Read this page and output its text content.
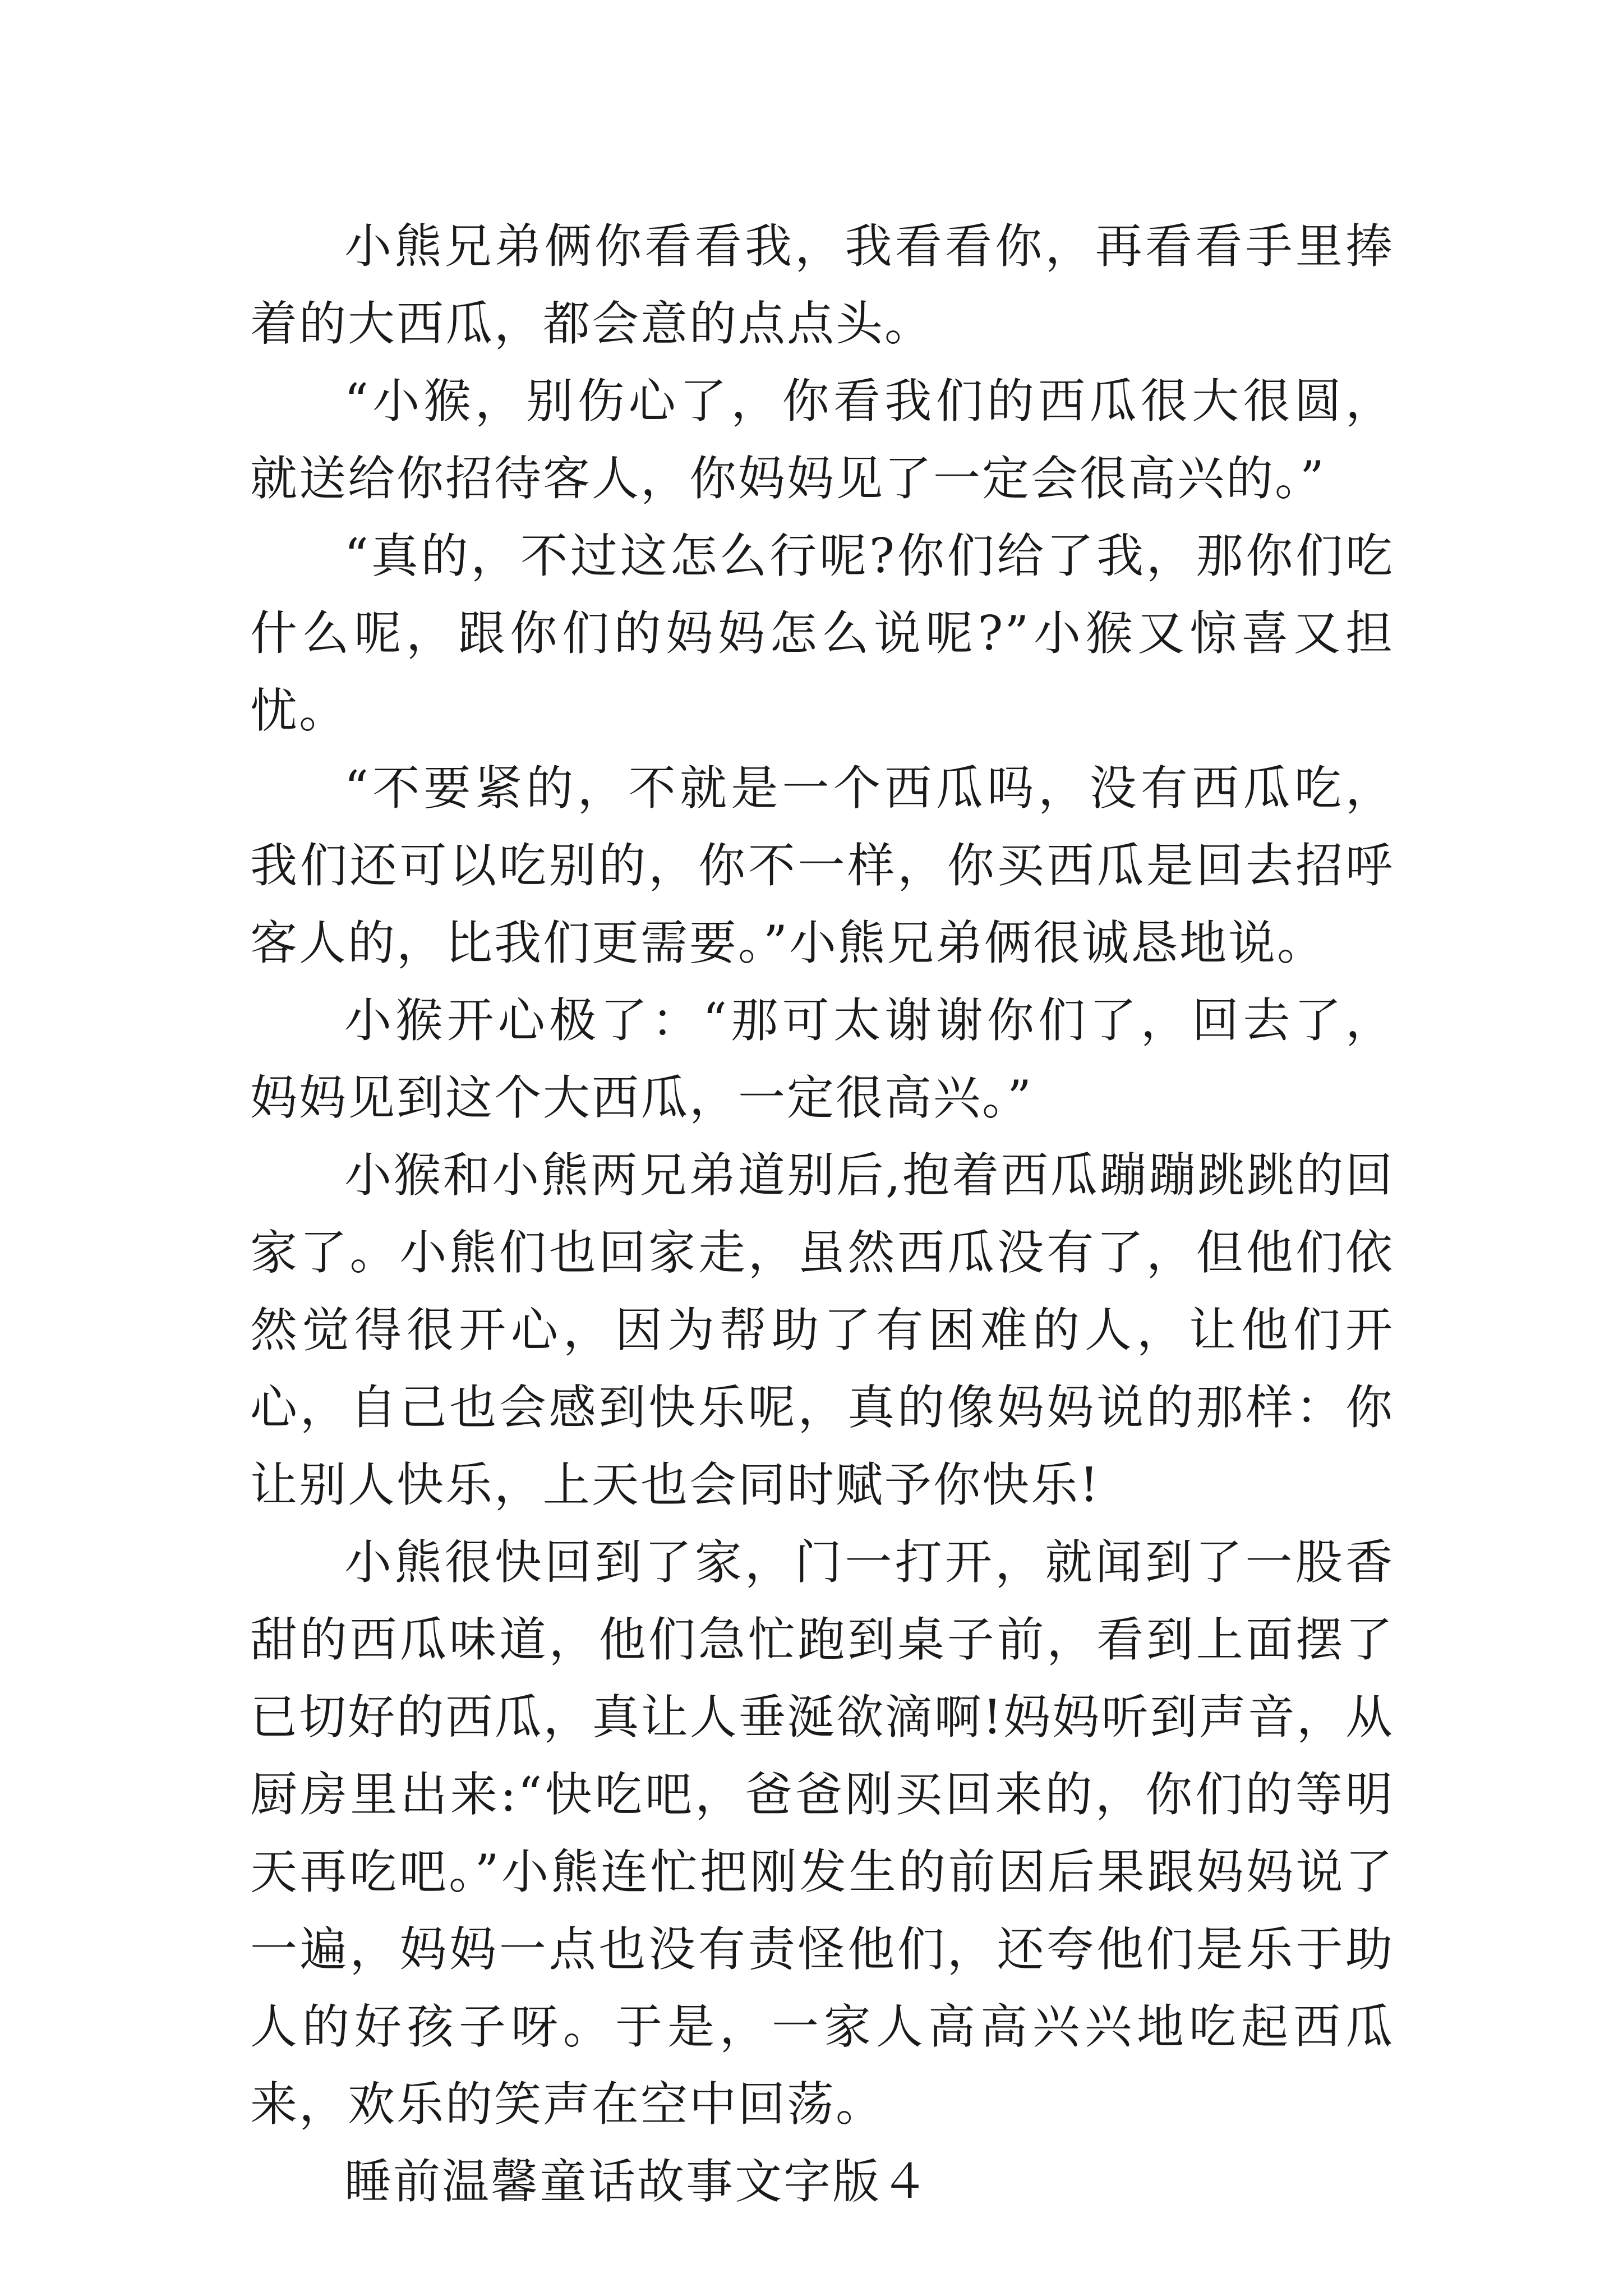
小熊兄弟俩你看看我，我看看你，再看看手里捧着的大西瓜，都会意的点点头。

“小猴，别伤心了，你看我们的西瓜很大很圆，就送给你招待客人，你妈妈见了一定会很高兴的。”

“真的，不过这怎么行呢?你们给了我，那你们吃什么呢，跟你们的妈妈怎么说呢?”小猴又惊喜又担忧。

“不要紧的，不就是一个西瓜吗，没有西瓜吃，我们还可以吃别的，你不一样，你买西瓜是回去招呼客人的，比我们更需要。”小熊兄弟俩很诚恳地说。

小猴开心极了：“那可太谢谢你们了，回去了，妈妈见到这个大西瓜，一定很高兴。”

小猴和小熊两兄弟道别后,抱着西瓜蹦蹦跳跳的回家了。小熊们也回家走，虽然西瓜没有了，但他们依然觉得很开心，因为帮助了有困难的人，让他们开心，自己也会感到快乐呢，真的像妈妈说的那样：你让别人快乐，上天也会同时赋予你快乐!

小熊很快回到了家，门一打开，就闻到了一股香甜的西瓜味道，他们急忙跑到桌子前，看到上面摆了已切好的西瓜，真让人垂涎欲滴啊!妈妈听到声音，从厨房里出来:“快吃吧，爸爸刚买回来的，你们的等明天再吃吧。”小熊连忙把刚发生的前因后果跟妈妈说了一遍，妈妈一点也没有责怪他们，还夸他们是乐于助人的好孩子呀。于是，一家人高高兴兴地吃起西瓜来，欢乐的笑声在空中回荡。

睡前温馨童话故事文字版４
